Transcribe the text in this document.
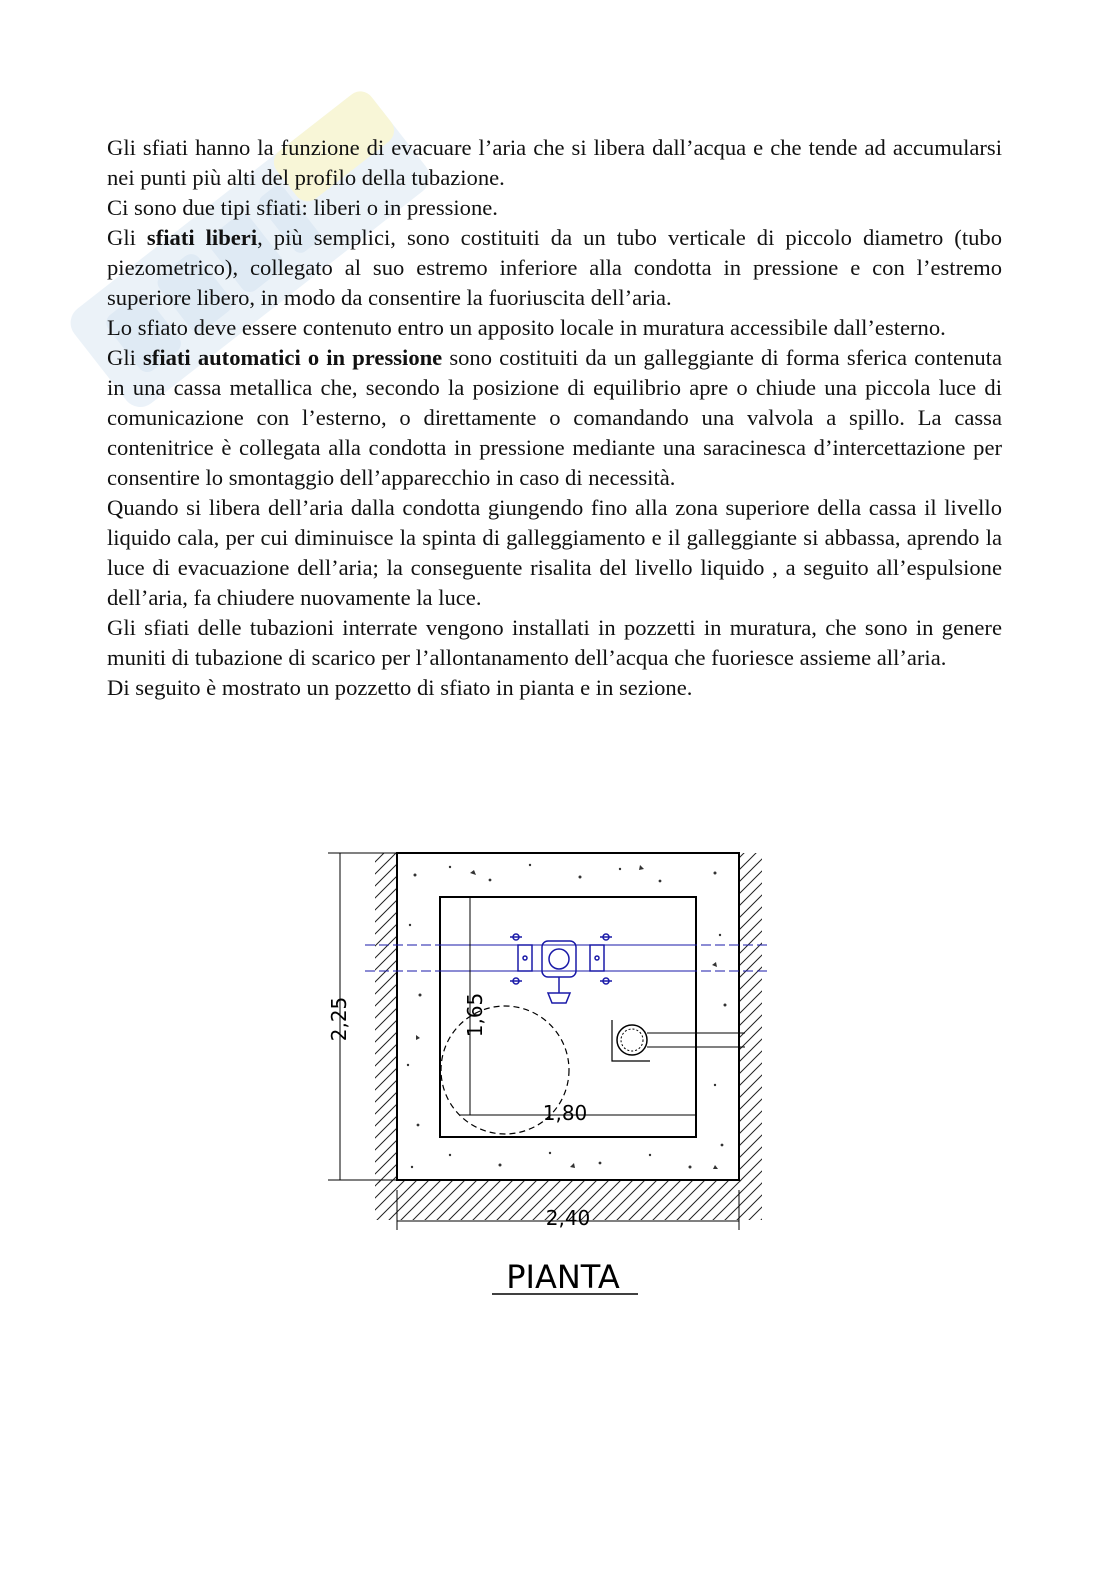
Gli sfiati hanno la funzione di evacuare l’aria che si libera dall’acqua e che tende ad accumularsi nei punti più alti del profilo della tubazione.

Ci sono due tipi sfiati: liberi o in pressione.

Gli sfiati liberi, più semplici, sono costituiti da un tubo verticale di piccolo diametro (tubo piezometrico), collegato al suo estremo inferiore alla condotta in pressione e con l’estremo superiore libero, in modo da consentire la fuoriuscita dell’aria.

Lo sfiato deve essere contenuto entro un apposito locale in muratura accessibile dall’esterno.

Gli sfiati automatici o in pressione sono costituiti da un galleggiante di forma sferica contenuta in una cassa metallica che, secondo la posizione di equilibrio apre o chiude una piccola luce di comunicazione con l’esterno, o direttamente o comandando una valvola a spillo. La cassa contenitrice è collegata alla condotta in pressione mediante una saracinesca d’intercettazione per consentire lo smontaggio dell’apparecchio in caso di necessità.

Quando si libera dell’aria dalla condotta giungendo fino alla zona superiore della cassa il livello liquido cala, per cui diminuisce la spinta di galleggiamento e il galleggiante si abbassa, aprendo la luce di evacuazione dell’aria; la conseguente risalita del livello liquido , a seguito all’espulsione dell’aria, fa chiudere nuovamente la luce.

Gli sfiati delle tubazioni interrate vengono installati in pozzetti in muratura, che sono in genere muniti di tubazione di scarico per l’allontanamento dell’acqua che fuoriesce assieme all’aria.

Di seguito è mostrato un pozzetto di sfiato in pianta e in sezione.

2,25	1,65
1,80
2,40
PIANTA
